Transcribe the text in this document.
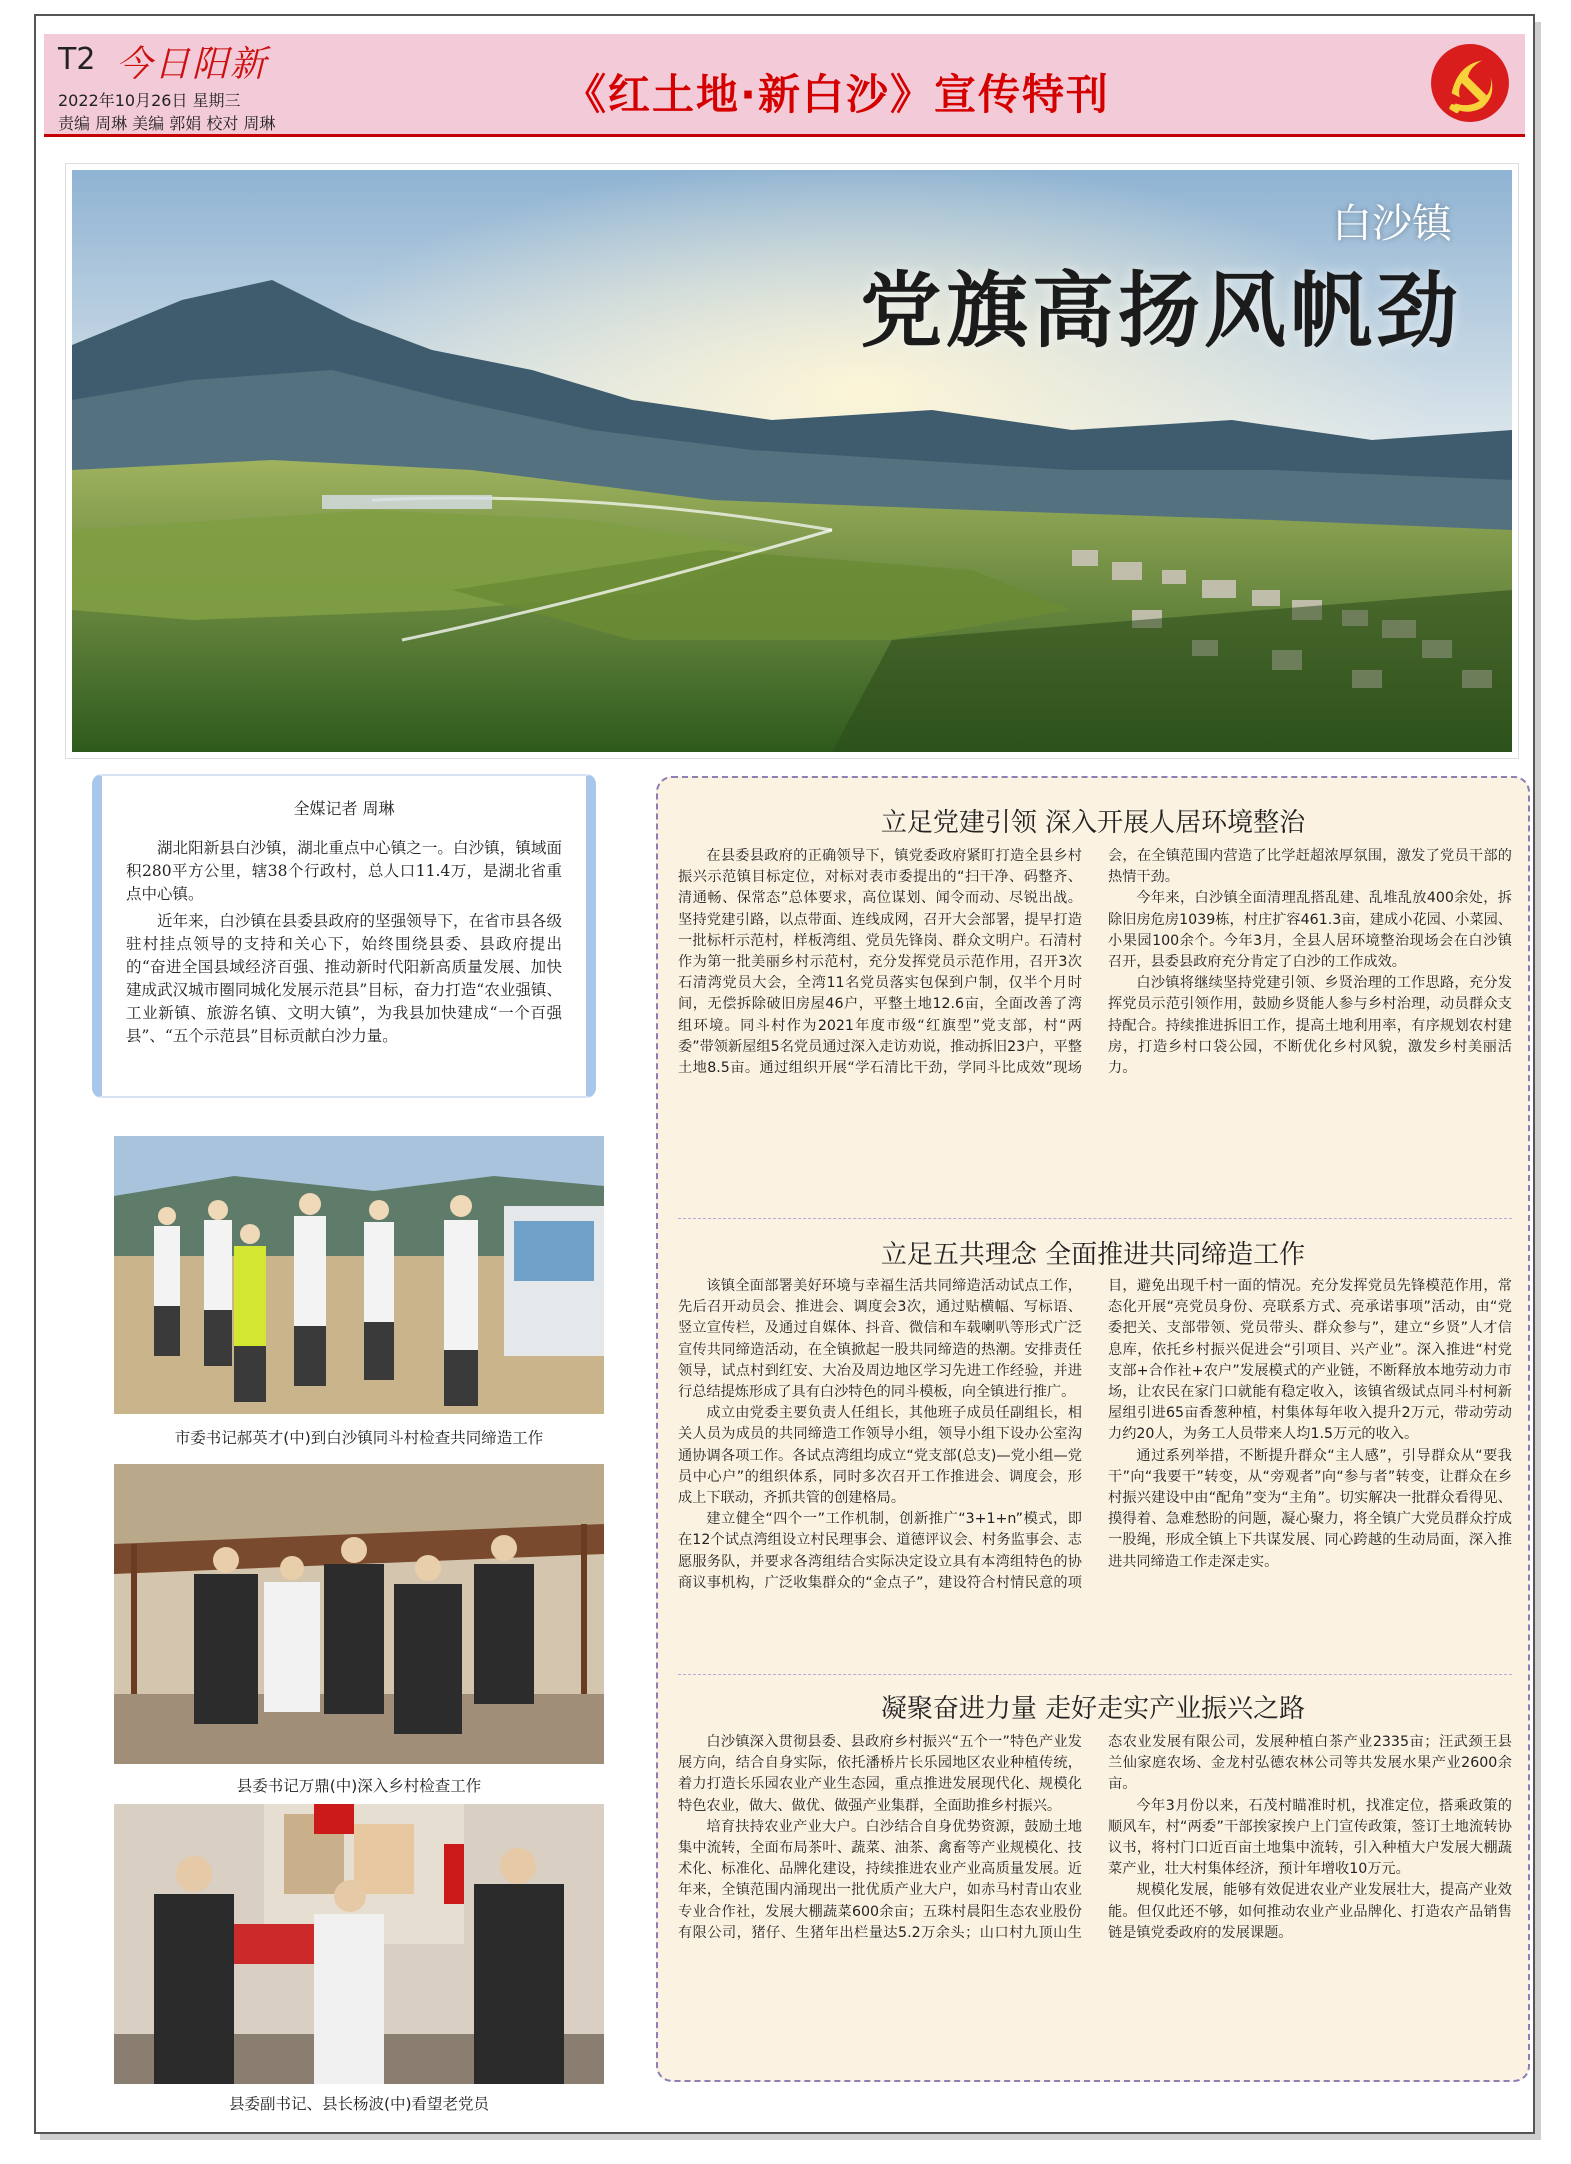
T2 今日阳新
2022年10月26日 星期三
责编 周琳 美编 郭娟 校对 周琳
《红土地·新白沙》宣传特刊
白沙镇
党旗高扬风帆劲
全媒记者 周琳

湖北阳新县白沙镇，湖北重点中心镇之一。白沙镇，镇域面积280平方公里，辖38个行政村，总人口11.4万，是湖北省重点中心镇。

近年来，白沙镇在县委县政府的坚强领导下，在省市县各级驻村挂点领导的支持和关心下，始终围绕县委、县政府提出的“奋进全国县域经济百强、推动新时代阳新高质量发展、加快建成武汉城市圈同城化发展示范县”目标，奋力打造“农业强镇、工业新镇、旅游名镇、文明大镇”，为我县加快建成“一个百强县”、“五个示范县”目标贡献白沙力量。

市委书记郝英才(中)到白沙镇同斗村检查共同缔造工作
县委书记万鼎(中)深入乡村检查工作
县委副书记、县长杨波(中)看望老党员
立足党建引领 深入开展人居环境整治

在县委县政府的正确领导下，镇党委政府紧盯打造全县乡村振兴示范镇目标定位，对标对表市委提出的“扫干净、码整齐、清通畅、保常态”总体要求，高位谋划、闻令而动、尽锐出战。坚持党建引路，以点带面、连线成网，召开大会部署，提早打造一批标杆示范村，样板湾组、党员先锋岗、群众文明户。石清村作为第一批美丽乡村示范村，充分发挥党员示范作用，召开3次石清湾党员大会，全湾11名党员落实包保到户制，仅半个月时间，无偿拆除破旧房屋46户，平整土地12.6亩，全面改善了湾组环境。同斗村作为2021年度市级“红旗型”党支部，村“两委”带领新屋组5名党员通过深入走访劝说，推动拆旧23户，平整土地8.5亩。通过组织开展“学石清比干劲，学同斗比成效”现场会，在全镇范围内营造了比学赶超浓厚氛围，激发了党员干部的热情干劲。

今年来，白沙镇全面清理乱搭乱建、乱堆乱放400余处，拆除旧房危房1039栋，村庄扩容461.3亩，建成小花园、小菜园、小果园100余个。今年3月，全县人居环境整治现场会在白沙镇召开，县委县政府充分肯定了白沙的工作成效。

白沙镇将继续坚持党建引领、乡贤治理的工作思路，充分发挥党员示范引领作用，鼓励乡贤能人参与乡村治理，动员群众支持配合。持续推进拆旧工作，提高土地利用率，有序规划农村建房，打造乡村口袋公园，不断优化乡村风貌，激发乡村美丽活力。

立足五共理念 全面推进共同缔造工作

该镇全面部署美好环境与幸福生活共同缔造活动试点工作，先后召开动员会、推进会、调度会3次，通过贴横幅、写标语、竖立宣传栏，及通过自媒体、抖音、微信和车载喇叭等形式广泛宣传共同缔造活动，在全镇掀起一股共同缔造的热潮。安排责任领导，试点村到红安、大冶及周边地区学习先进工作经验，并进行总结提炼形成了具有白沙特色的同斗模板，向全镇进行推广。

成立由党委主要负责人任组长，其他班子成员任副组长，相关人员为成员的共同缔造工作领导小组，领导小组下设办公室沟通协调各项工作。各试点湾组均成立“党支部(总支)—党小组—党员中心户”的组织体系，同时多次召开工作推进会、调度会，形成上下联动，齐抓共管的创建格局。

建立健全“四个一”工作机制，创新推广“3+1+n”模式，即在12个试点湾组设立村民理事会、道德评议会、村务监事会、志愿服务队，并要求各湾组结合实际决定设立具有本湾组特色的协商议事机构，广泛收集群众的“金点子”，建设符合村情民意的项目，避免出现千村一面的情况。充分发挥党员先锋模范作用，常态化开展“亮党员身份、亮联系方式、亮承诺事项”活动，由“党委把关、支部带领、党员带头、群众参与”，建立“乡贤”人才信息库，依托乡村振兴促进会“引项目、兴产业”。深入推进“村党支部+合作社+农户”发展模式的产业链，不断释放本地劳动力市场，让农民在家门口就能有稳定收入，该镇省级试点同斗村柯新屋组引进65亩香葱种植，村集体每年收入提升2万元，带动劳动力约20人，为务工人员带来人均1.5万元的收入。

通过系列举措，不断提升群众“主人感”，引导群众从“要我干”向“我要干”转变，从“旁观者”向“参与者”转变，让群众在乡村振兴建设中由“配角”变为“主角”。切实解决一批群众看得见、摸得着、急难愁盼的问题，凝心聚力，将全镇广大党员群众拧成一股绳，形成全镇上下共谋发展、同心跨越的生动局面，深入推进共同缔造工作走深走实。

凝聚奋进力量 走好走实产业振兴之路

白沙镇深入贯彻县委、县政府乡村振兴“五个一”特色产业发展方向，结合自身实际，依托潘桥片长乐园地区农业种植传统，着力打造长乐园农业产业生态园，重点推进发展现代化、规模化特色农业，做大、做优、做强产业集群，全面助推乡村振兴。

培育扶持农业产业大户。白沙结合自身优势资源，鼓励土地集中流转，全面布局茶叶、蔬菜、油茶、禽畜等产业规模化、技术化、标准化、品牌化建设，持续推进农业产业高质量发展。近年来，全镇范围内涌现出一批优质产业大户，如赤马村青山农业专业合作社，发展大棚蔬菜600余亩；五珠村晨阳生态农业股份有限公司，猪仔、生猪年出栏量达5.2万余头；山口村九顶山生态农业发展有限公司，发展种植白茶产业2335亩；汪武颈王县兰仙家庭农场、金龙村弘德农林公司等共发展水果产业2600余亩。

今年3月份以来，石茂村瞄准时机，找准定位，搭乘政策的顺风车，村“两委”干部挨家挨户上门宣传政策，签订土地流转协议书，将村门口近百亩土地集中流转，引入种植大户发展大棚蔬菜产业，壮大村集体经济，预计年增收10万元。

规模化发展，能够有效促进农业产业发展壮大，提高产业效能。但仅此还不够，如何推动农业产业品牌化、打造农产品销售链是镇党委政府的发展课题。
